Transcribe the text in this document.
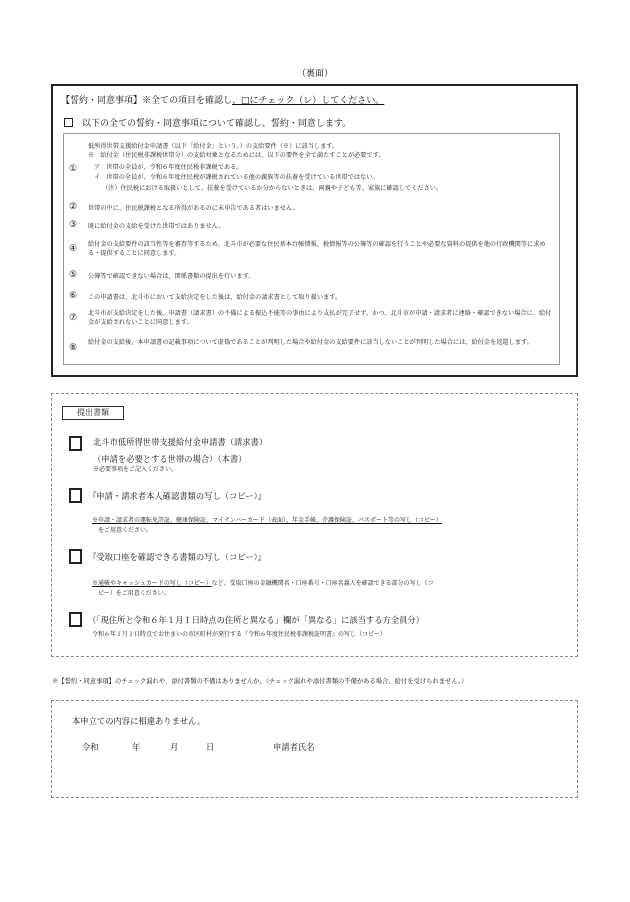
（裏面）
【誓約・同意事項】※全ての項目を確認し、□にチェック（レ）してください。
以下の全ての誓約・同意事項について確認し、誓約・同意します。
①
低所得世帯支援給付金申請書（以下「給付金」という。）の支給要件（※）に該当します。
※　給付金（住民税非課税世帯分）の支給対象となるためには、以下の要件を全て満たすことが必要です。
ア　世帯の全員が、令和６年度住民税非課税である。
イ　世帯の全員が、令和６年度住民税が課税されている他の親族等の扶養を受けている世帯ではない。
（注）住民税における取扱いとして、扶養を受けているか分からないときは、両親や子ども等、家族に確認してください。
② 世帯の中に、住民税課税となる所得があるのに未申告である者はいません。
③ 既に給付金の支給を受けた世帯ではありません。
④ 給付金の支給要件の該当性等を審査等するため、北斗市が必要な住民基本台帳情報、税情報等の公簿等の確認を行うことや必要な資料の提供を他の行政機関等に求める・提供することに同意します。
⑤ 公簿等で確認できない場合は、関係書類の提出を行います。
⑥ この申請書は、北斗市において支給決定をした後は、給付金の請求書として取り扱います。
⑦ 北斗市が支給決定をした後、申請書（請求書）の不備による振込不能等の事由により支払が完了せず、かつ、北斗市が申請・請求者に連絡・確認できない場合に、給付金が支給されないことに同意します。
⑧
給付金の支給後、本申請書の記載事項について虚偽であることが判明した場合や給付金の支給要件に該当しないことが判明した場合には、給付金を返還します。
提出書類
北斗市低所得世帯支援給付金申請書（請求書）
（申請を必要とする世帯の場合）（本書）
※必要事項をご記入ください。
『申請・請求者本人確認書類の写し（コピー）』
※申請・請求者の運転免許証、健康保険証、マイナンバーカード（表面）、年金手帳、介護保険証、パスポート等の写し（コピー）
をご用意ください。
『受取口座を確認できる書類の写し（コピー）』
※通帳やキャッシュカードの写し（コピー）など、受取口座の金融機関名・口座番号・口座名義人を確認できる部分の写し（コ
ピー）をご用意ください。
（「現住所と令和６年１月１日時点の住所と異なる」欄が「異なる」に該当する方全員分）
令和６年１月１日時点でお住まいの市区町村が発行する『令和６年度住民税非課税証明書』の写し（コピー）
※【誓約・同意事項】のチェック漏れや、添付書類の不備はありませんか。（チェック漏れや添付書類の不備がある場合、給付を受けられません。）
本申立ての内容に相違ありません。
令和	年	月	日	申請者氏名
